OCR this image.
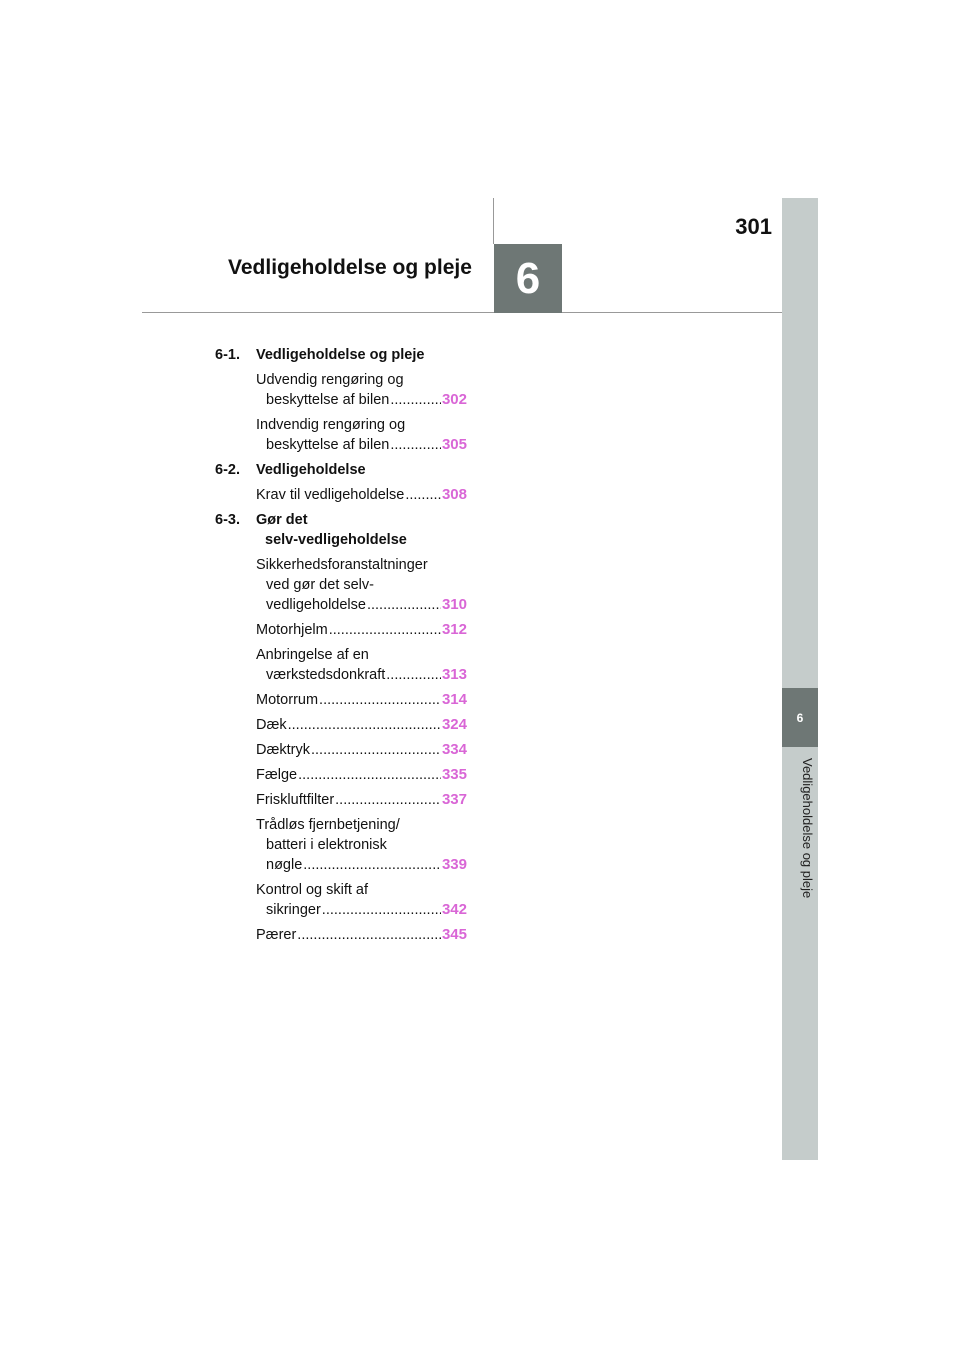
301
Vedligeholdelse og pleje 6
6
Vedligeholdelse og pleje
6-1.	Vedligeholdelse og pleje
Udvendig rengøring og
beskyttelse af bilen .....	302
Indvendig rengøring og
beskyttelse af bilen .....	305
6-2.	Vedligeholdelse
Krav til vedligeholdelse .....	308
6-3.	Gør det
selv-vedligeholdelse
Sikkerhedsforanstaltninger
ved gør det selv-
vedligeholdelse .....	310
Motorhjelm .....	312
Anbringelse af en
værkstedsdonkraft .....	313
Motorrum .....	314
Dæk .....	324
Dæktryk .....	334
Fælge .....	335
Friskluftfilter .....	337
Trådløs fjernbetjening/
batteri i elektronisk
nøgle .....	339
Kontrol og skift af
sikringer .....	342
Pærer .....	345
